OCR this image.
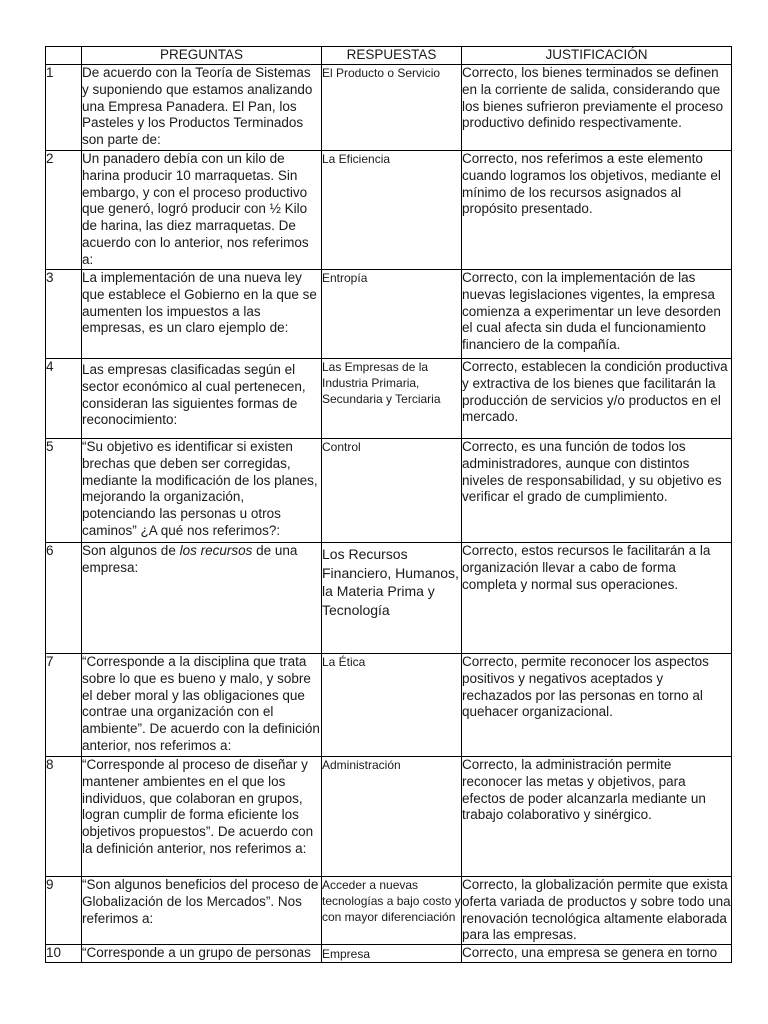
	PREGUNTAS	RESPUESTAS	JUSTIFICACIÓN
1	De acuerdo con la Teoría de Sistemas y suponiendo que estamos analizando una Empresa Panadera. El Pan, los Pasteles y los Productos Terminados son parte de:	El Producto o Servicio	Correcto, los bienes terminados se definen en la corriente de salida, considerando que los bienes sufrieron previamente el proceso productivo definido respectivamente.
2	Un panadero debía con un kilo de harina producir 10 marraquetas. Sin embargo, y con el proceso productivo que generó, logró producir con ½ Kilo de harina, las diez marraquetas. De acuerdo con lo anterior, nos referimos a:	La Eficiencia	Correcto, nos referimos a este elemento cuando logramos los objetivos, mediante el mínimo de los recursos asignados al propósito presentado.
3	La implementación de una nueva ley que establece el Gobierno en la que se aumenten los impuestos a las empresas, es un claro ejemplo de:	Entropía	Correcto, con la implementación de las nuevas legislaciones vigentes, la empresa comienza a experimentar un leve desorden el cual afecta sin duda el funcionamiento financiero de la compañía.
4	Las empresas clasificadas según el sector económico al cual pertenecen, consideran las siguientes formas de reconocimiento:	Las Empresas de la Industria Primaria, Secundaria y Terciaria	Correcto, establecen la condición productiva y extractiva de los bienes que facilitarán la producción de servicios y/o productos en el mercado.
5	“Su objetivo es identificar si existen brechas que deben ser corregidas, mediante la modificación de los planes, mejorando la organización, potenciando las personas u otros caminos” ¿A qué nos referimos?:	Control	Correcto, es una función de todos los administradores, aunque con distintos niveles de responsabilidad, y su objetivo es verificar el grado de cumplimiento.
6	Son algunos de los recursos de una empresa:	Los Recursos Financiero, Humanos, la Materia Prima y Tecnología	Correcto, estos recursos le facilitarán a la organización llevar a cabo de forma completa y normal sus operaciones.
7	“Corresponde a la disciplina que trata sobre lo que es bueno y malo, y sobre el deber moral y las obligaciones que contrae una organización con el ambiente”. De acuerdo con la definición anterior, nos referimos a:	La Ética	Correcto, permite reconocer los aspectos positivos y negativos aceptados y rechazados por las personas en torno al quehacer organizacional.
8	“Corresponde al proceso de diseñar y mantener ambientes en el que los individuos, que colaboran en grupos, logran cumplir de forma eficiente los objetivos propuestos”. De acuerdo con la definición anterior, nos referimos a:	Administración	Correcto, la administración permite reconocer las metas y objetivos, para efectos de poder alcanzarla mediante un trabajo colaborativo y sinérgico.
9	“Son algunos beneficios del proceso de Globalización de los Mercados”. Nos referimos a:	Acceder a nuevas tecnologías a bajo costo y con mayor diferenciación	Correcto, la globalización permite que exista oferta variada de productos y sobre todo una renovación tecnológica altamente elaborada para las empresas.
10	“Corresponde a un grupo de personas	Empresa	Correcto, una empresa se genera en torno
